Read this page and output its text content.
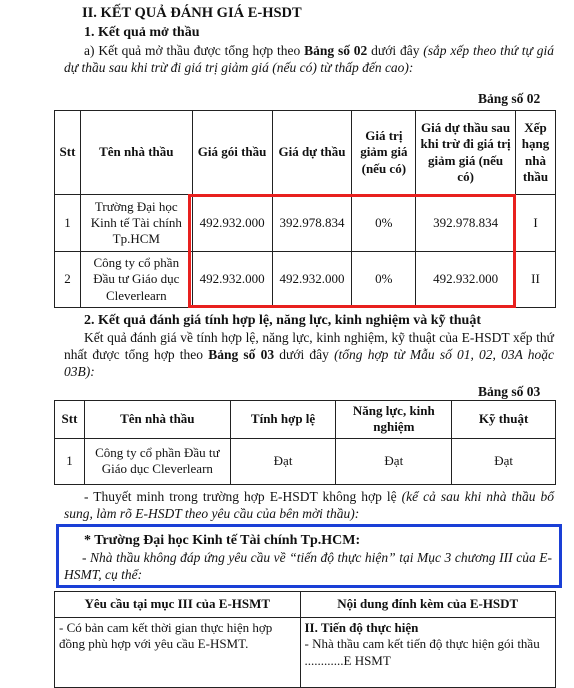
II. KẾT QUẢ ĐÁNH GIÁ E-HSDT
1. Kết quả mở thầu
a) Kết quả mở thầu được tổng hợp theo Bảng số 02 dưới đây (sắp xếp theo thứ tự giá dự thầu sau khi trừ đi giá trị giảm giá (nếu có) từ thấp đến cao):
Bảng số 02
Stt	Tên nhà thầu	Giá gói thầu	Giá dự thầu	Giá trị giảm giá (nếu có)	Giá dự thầu sau khi trừ đi giá trị giảm giá (nếu có)	Xếp hạng nhà thầu
1	Trường Đại học Kinh tế Tài chính Tp.HCM	492.932.000	392.978.834	0%	392.978.834	I
2	Công ty cổ phần Đầu tư Giáo dục Cleverlearn	492.932.000	492.932.000	0%	492.932.000	II
2. Kết quả đánh giá tính hợp lệ, năng lực, kinh nghiệm và kỹ thuật
Kết quả đánh giá về tính hợp lệ, năng lực, kinh nghiệm, kỹ thuật của E-HSDT xếp thứ nhất được tổng hợp theo Bảng số 03 dưới đây (tổng hợp từ Mẫu số 01, 02, 03A hoặc 03B):
Bảng số 03
Stt	Tên nhà thầu	Tính hợp lệ	Năng lực, kinh nghiệm	Kỹ thuật
1	Công ty cổ phần Đầu tư Giáo dục Cleverlearn	Đạt	Đạt	Đạt
- Thuyết minh trong trường hợp E-HSDT không hợp lệ (kể cả sau khi nhà thầu bổ sung, làm rõ E-HSDT theo yêu cầu của bên mời thầu):
* Trường Đại học Kinh tế Tài chính Tp.HCM:
- Nhà thầu không đáp ứng yêu cầu về “tiến độ thực hiện” tại Mục 3 chương III của E-HSMT, cụ thể:
Yêu cầu tại mục III của E-HSMT	Nội dung đính kèm của E-HSDT
- Có bản cam kết thời gian thực hiện hợp đồng phù hợp với yêu cầu E-HSMT.	II. Tiến độ thực hiện
- Nhà thầu cam kết tiến độ thực hiện gói thầu ............E HSMT
